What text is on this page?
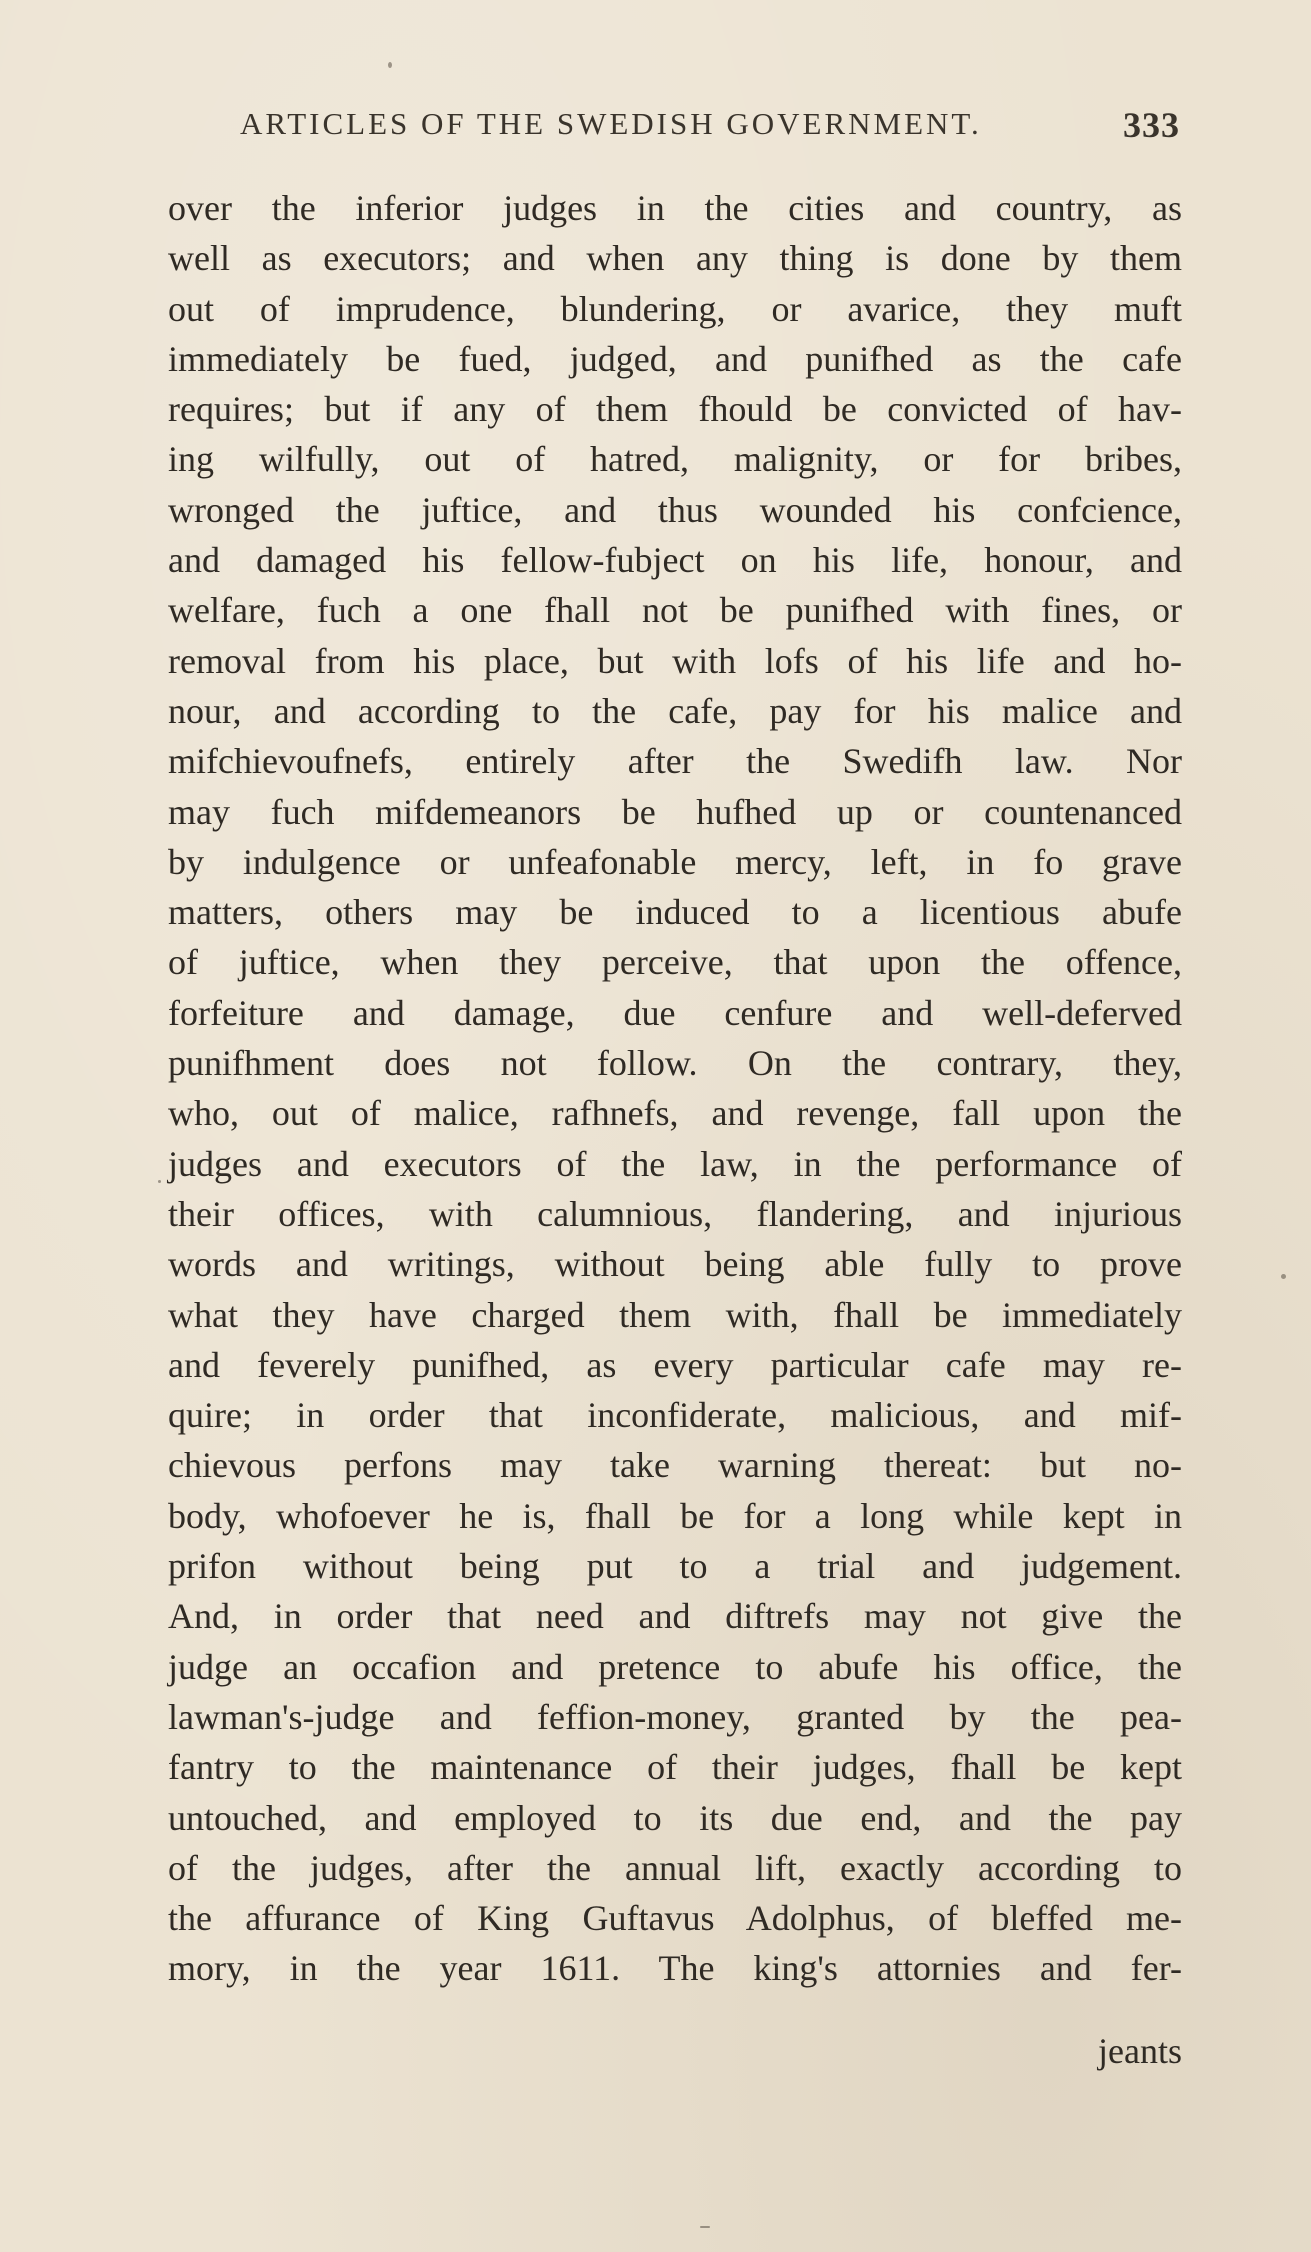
ARTICLES OF THE SWEDISH GOVERNMENT.	333
over the inferior judges in the cities and country, as
well as executors; and when any thing is done by them
out of imprudence, blundering, or avarice, they muft
immediately be fued, judged, and punifhed as the cafe
requires; but if any of them fhould be convicted of hav-
ing wilfully, out of hatred, malignity, or for bribes,
wronged the juftice, and thus wounded his confcience,
and damaged his fellow-fubject on his life, honour, and
welfare, fuch a one fhall not be punifhed with fines, or
removal from his place, but with lofs of his life and ho-
nour, and according to the cafe, pay for his malice and
mifchievoufnefs, entirely after the Swedifh law. Nor
may fuch mifdemeanors be hufhed up or countenanced
by indulgence or unfeafonable mercy, left, in fo grave
matters, others may be induced to a licentious abufe
of juftice, when they perceive, that upon the offence,
forfeiture and damage, due cenfure and well-deferved
punifhment does not follow. On the contrary, they,
who, out of malice, rafhnefs, and revenge, fall upon the
judges and executors of the law, in the performance of
their offices, with calumnious, flandering, and injurious
words and writings, without being able fully to prove
what they have charged them with, fhall be immediately
and feverely punifhed, as every particular cafe may re-
quire; in order that inconfiderate, malicious, and mif-
chievous perfons may take warning thereat: but no-
body, whofoever he is, fhall be for a long while kept in
prifon without being put to a trial and judgement.
And, in order that need and diftrefs may not give the
judge an occafion and pretence to abufe his office, the
lawman's-judge and feffion-money, granted by the pea-
fantry to the maintenance of their judges, fhall be kept
untouched, and employed to its due end, and the pay
of the judges, after the annual lift, exactly according to
the affurance of King Guftavus Adolphus, of bleffed me-
mory, in the year 1611. The king's attornies and fer-
jeants
